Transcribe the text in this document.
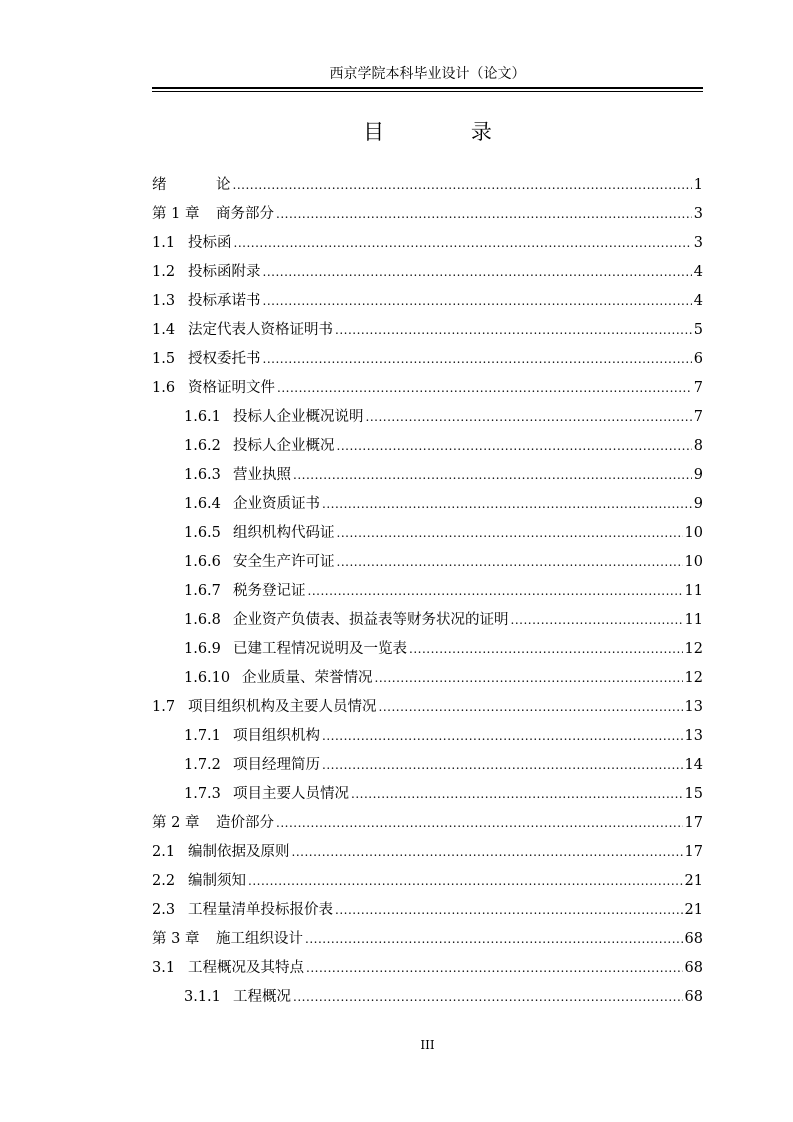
西京学院本科毕业设计（论文）
目 录
绪	论 .....	1
第 1 章	商务部分 .....	3
1.1 投标函 .....	3
1.2 投标函附录 .....	4
1.3 投标承诺书 .....	4
1.4 法定代表人资格证明书 .....	5
1.5 授权委托书 .....	6
1.6 资格证明文件 .....	7
1.6.1 投标人企业概况说明 .....	7
1.6.2 投标人企业概况 .....	8
1.6.3 营业执照 .....	9
1.6.4 企业资质证书 .....	9
1.6.5 组织机构代码证 .....	10
1.6.6 安全生产许可证 .....	10
1.6.7 税务登记证 .....	11
1.6.8 企业资产负债表、损益表等财务状况的证明 .....	11
1.6.9 已建工程情况说明及一览表 .....	12
1.6.10 企业质量、荣誉情况 .....	12
1.7 项目组织机构及主要人员情况 .....	13
1.7.1 项目组织机构 .....	13
1.7.2 项目经理简历 .....	14
1.7.3 项目主要人员情况 .....	15
第 2 章	造价部分 .....	17
2.1 编制依据及原则 .....	17
2.2 编制须知 .....	21
2.3 工程量清单投标报价表 .....	21
第 3 章	施工组织设计 .....	68
3.1 工程概况及其特点 .....	68
3.1.1 工程概况 .....	68
III
